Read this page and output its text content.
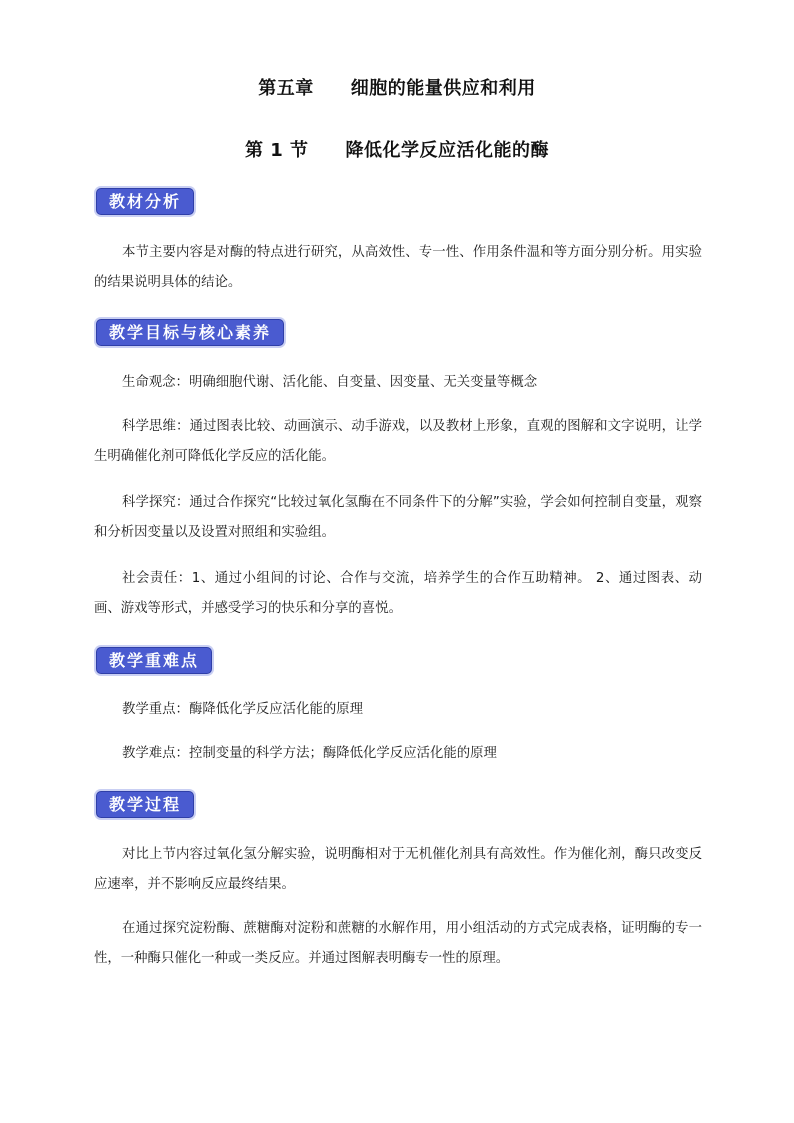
第五章　　细胞的能量供应和利用
第 1 节　　降低化学反应活化能的酶
教材分析

本节主要内容是对酶的特点进行研究，从高效性、专一性、作用条件温和等方面分别分析。用实验的结果说明具体的结论。

教学目标与核心素养

生命观念：明确细胞代谢、活化能、自变量、因变量、无关变量等概念

科学思维：通过图表比较、动画演示、动手游戏，以及教材上形象，直观的图解和文字说明，让学生明确催化剂可降低化学反应的活化能。

科学探究：通过合作探究“比较过氧化氢酶在不同条件下的分解”实验，学会如何控制自变量，观察和分析因变量以及设置对照组和实验组。

社会责任：1、通过小组间的讨论、合作与交流，培养学生的合作互助精神。 2、通过图表、动画、游戏等形式，并感受学习的快乐和分享的喜悦。

教学重难点

教学重点：酶降低化学反应活化能的原理

教学难点：控制变量的科学方法；酶降低化学反应活化能的原理

教学过程

对比上节内容过氧化氢分解实验，说明酶相对于无机催化剂具有高效性。作为催化剂，酶只改变反应速率，并不影响反应最终结果。

在通过探究淀粉酶、蔗糖酶对淀粉和蔗糖的水解作用，用小组活动的方式完成表格，证明酶的专一性，一种酶只催化一种或一类反应。并通过图解表明酶专一性的原理。
